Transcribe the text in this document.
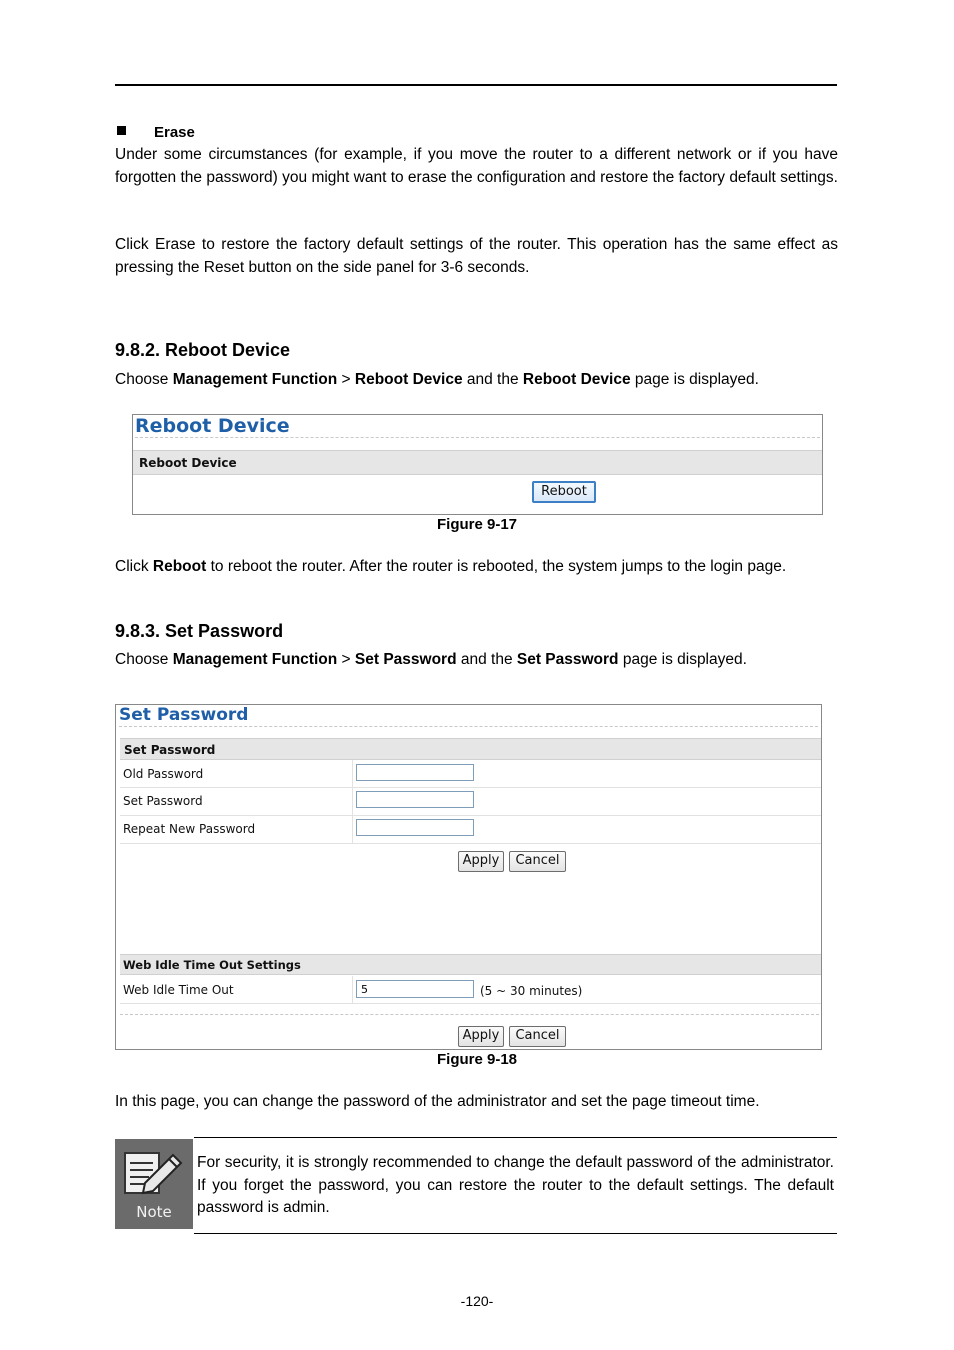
Erase
Under some circumstances (for example, if you move the router to a different network or if you have forgotten the password) you might want to erase the configuration and restore the factory default settings.
Click Erase to restore the factory default settings of the router. This operation has the same effect as pressing the Reset button on the side panel for 3-6 seconds.
9.8.2. Reboot Device
Choose Management Function > Reboot Device and the Reboot Device page is displayed.
Reboot Device
Reboot Device
Reboot
Figure 9-17
Click Reboot to reboot the router. After the router is rebooted, the system jumps to the login page.
9.8.3. Set Password
Choose Management Function > Set Password and the Set Password page is displayed.
Set Password
Set Password
Old Password
Set Password
Repeat New Password
Apply	Cancel
Web Idle Time Out Settings
Web Idle Time Out
5	(5 ~ 30 minutes)
Apply	Cancel
Figure 9-18
In this page, you can change the password of the administrator and set the page timeout time.
Note
For security, it is strongly recommended to change the default password of the administrator. If you forget the password, you can restore the router to the default settings. The default password is admin.
-120-
